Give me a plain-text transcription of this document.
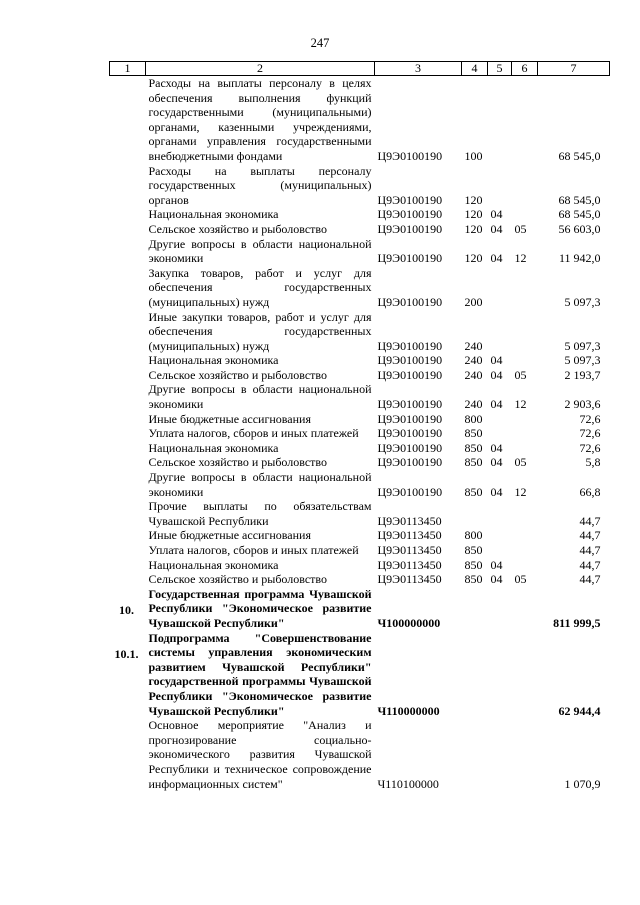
247
1	2	3	4	5	6	7
	Расходы на выплаты персоналу в целях обеспечения выполнения функций государственными (муниципальными) органами, казенными учреждениями, органами управления государственными внебюджетными фондами	Ц9Э0100190	100			68 545,0
	Расходы на выплаты персоналу государственных (муниципальных) органов	Ц9Э0100190	120			68 545,0
	Национальная экономика	Ц9Э0100190	120	04		68 545,0
	Сельское хозяйство и рыболовство	Ц9Э0100190	120	04	05	56 603,0
	Другие вопросы в области национальной экономики	Ц9Э0100190	120	04	12	11 942,0
	Закупка товаров, работ и услуг для обеспечения государственных (муниципальных) нужд	Ц9Э0100190	200			5 097,3
	Иные закупки товаров, работ и услуг для обеспечения государственных (муниципальных) нужд	Ц9Э0100190	240			5 097,3
	Национальная экономика	Ц9Э0100190	240	04		5 097,3
	Сельское хозяйство и рыболовство	Ц9Э0100190	240	04	05	2 193,7
	Другие вопросы в области национальной экономики	Ц9Э0100190	240	04	12	2 903,6
	Иные бюджетные ассигнования	Ц9Э0100190	800			72,6
	Уплата налогов, сборов и иных платежей	Ц9Э0100190	850			72,6
	Национальная экономика	Ц9Э0100190	850	04		72,6
	Сельское хозяйство и рыболовство	Ц9Э0100190	850	04	05	5,8
	Другие вопросы в области национальной экономики	Ц9Э0100190	850	04	12	66,8
	Прочие выплаты по обязательствам Чувашской Республики	Ц9Э0113450				44,7
	Иные бюджетные ассигнования	Ц9Э0113450	800			44,7
	Уплата налогов, сборов и иных платежей	Ц9Э0113450	850			44,7
	Национальная экономика	Ц9Э0113450	850	04		44,7
	Сельское хозяйство и рыболовство	Ц9Э0113450	850	04	05	44,7
10.	Государственная программа Чувашской Республики "Экономическое развитие Чувашской Республики"	Ч100000000				811 999,5
10.1.	Подпрограмма "Совершенствование системы управления экономическим развитием Чувашской Республики" государственной программы Чувашской Республики "Экономическое развитие Чувашской Республики"	Ч110000000				62 944,4
	Основное мероприятие "Анализ и прогнозирование социально-экономического развития Чувашской Республики и техническое сопровождение информационных систем"	Ч110100000				1 070,9
